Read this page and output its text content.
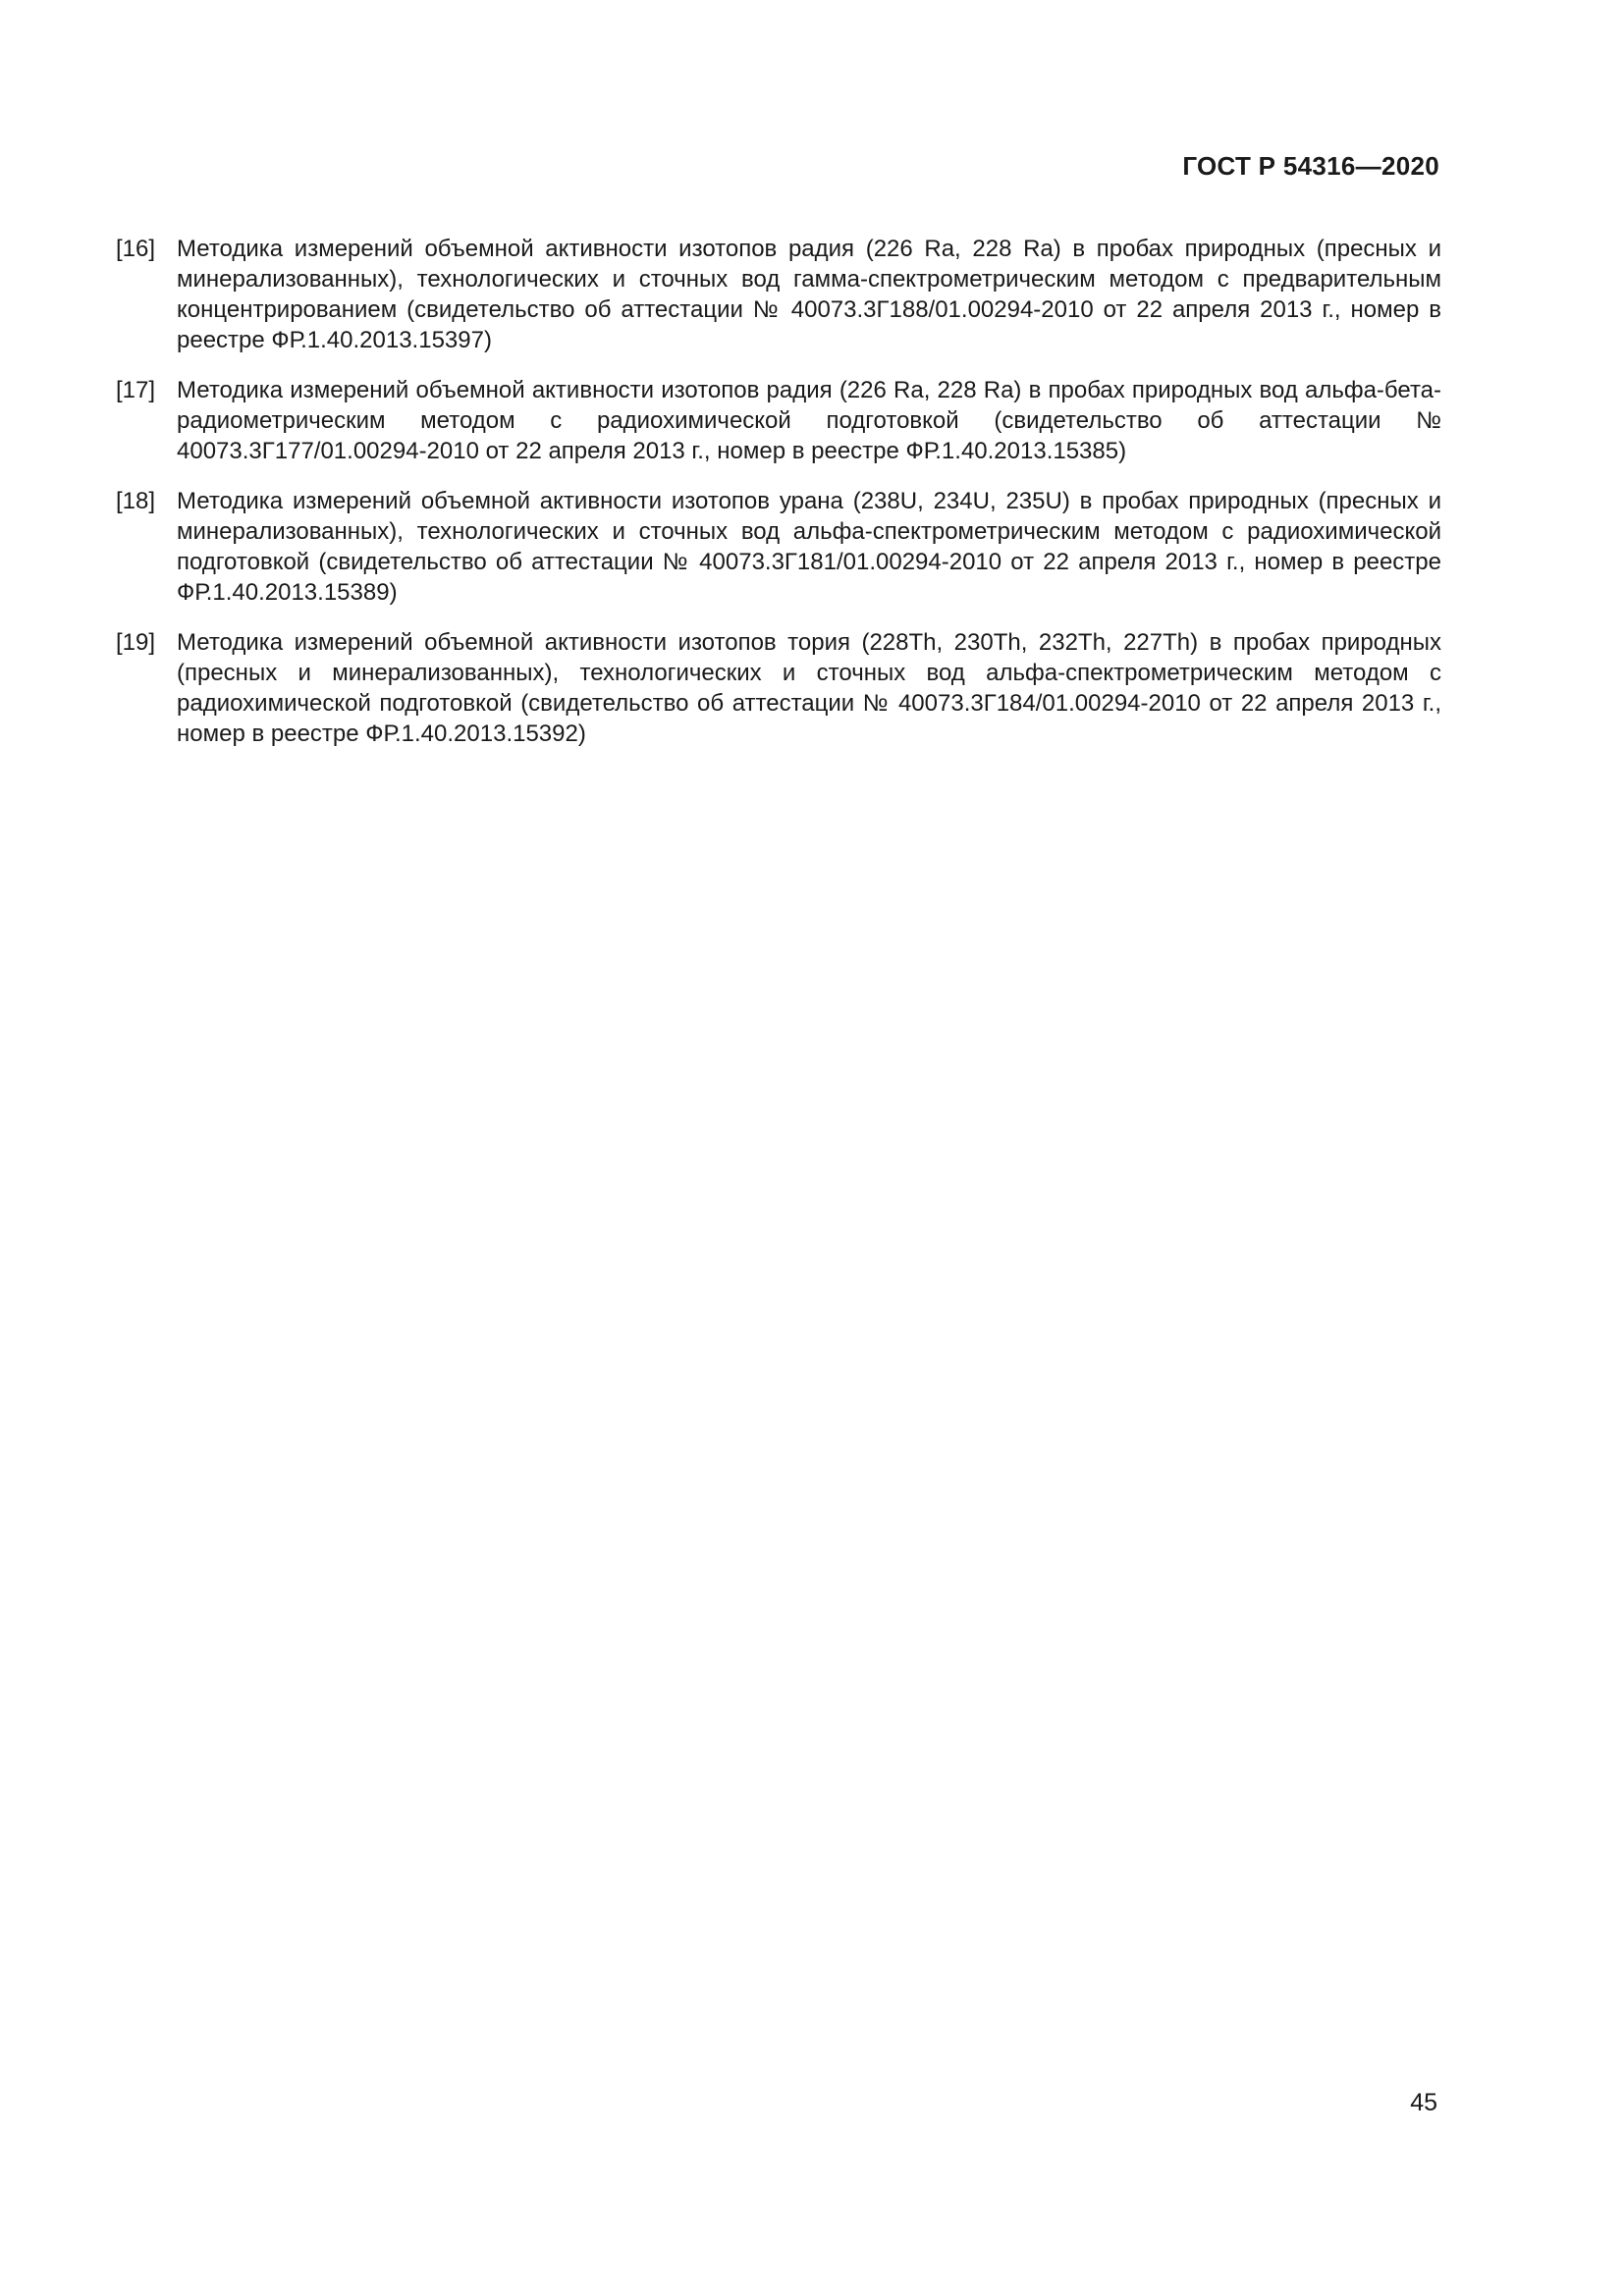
ГОСТ Р 54316—2020
[16] Методика измерений объемной активности изотопов радия (226 Ra, 228 Ra) в пробах природных (пресных и минерализованных), технологических и сточных вод гамма-спектрометрическим методом с предварительным концентрированием (свидетельство об аттестации № 40073.3Г188/01.00294-2010 от 22 апреля 2013 г., номер в реестре ФР.1.40.2013.15397)
[17] Методика измерений объемной активности изотопов радия (226 Ra, 228 Ra) в пробах природных вод альфа-бета-радиометрическим методом с радиохимической подготовкой (свидетельство об аттестации № 40073.3Г177/01.00294-2010 от 22 апреля 2013 г., номер в реестре ФР.1.40.2013.15385)
[18] Методика измерений объемной активности изотопов урана (238U, 234U, 235U) в пробах природных (пресных и минерализованных), технологических и сточных вод альфа-спектрометрическим методом с радиохимической подготовкой (свидетельство об аттестации № 40073.3Г181/01.00294-2010 от 22 апреля 2013 г., номер в реестре ФР.1.40.2013.15389)
[19] Методика измерений объемной активности изотопов тория (228Th, 230Th, 232Th, 227Th) в пробах природных (пресных и минерализованных), технологических и сточных вод альфа-спектрометрическим методом с радиохимической подготовкой (свидетельство об аттестации № 40073.3Г184/01.00294-2010 от 22 апреля 2013 г., номер в реестре ФР.1.40.2013.15392)
45
